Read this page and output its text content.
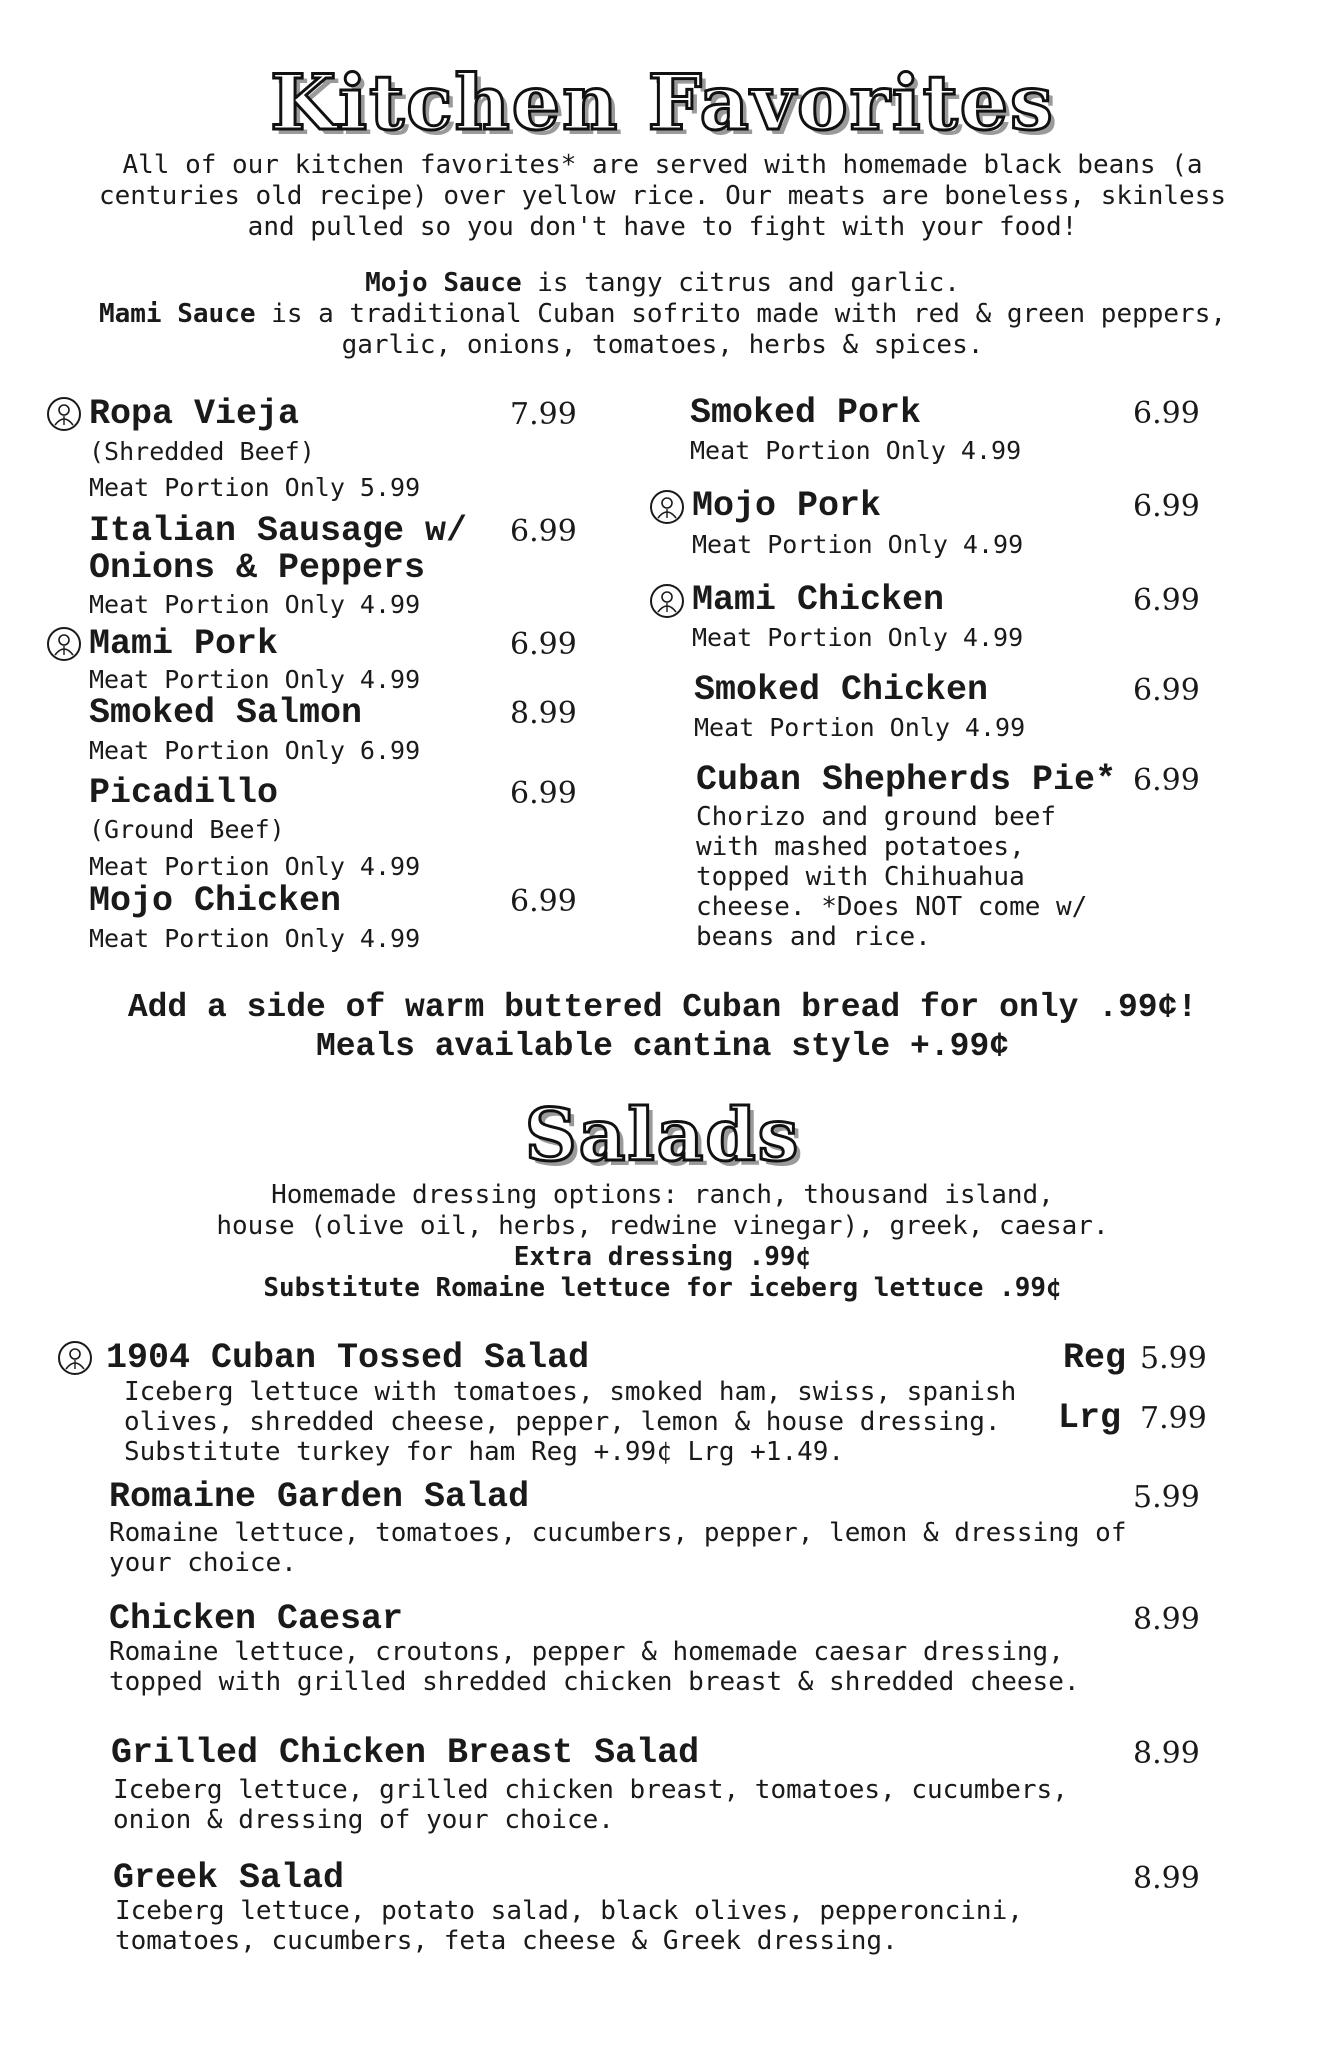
Kitchen Favorites

All of our kitchen favorites* are served with homemade black beans (a

centuries old recipe) over yellow rice. Our meats are boneless, skinless

and pulled so you don't have to fight with your food!

Mojo Sauce is tangy citrus and garlic.

Mami Sauce is a traditional Cuban sofrito made with red & green peppers,

garlic, onions, tomatoes, herbs & spices.

Ropa Vieja	7.99
(Shredded Beef)
Meat Portion Only 5.99
Italian Sausage w/
Onions & Peppers
6.99
Meat Portion Only 4.99
Mami Pork	6.99
Meat Portion Only 4.99
Smoked Salmon	8.99
Meat Portion Only 6.99
Picadillo	6.99
(Ground Beef)
Meat Portion Only 4.99
Mojo Chicken	6.99
Meat Portion Only 4.99
Smoked Pork	6.99
Meat Portion Only 4.99
Mojo Pork	6.99
Meat Portion Only 4.99
Mami Chicken	6.99
Meat Portion Only 4.99
Smoked Chicken	6.99
Meat Portion Only 4.99
Cuban Shepherds Pie* 6.99

Chorizo and ground beef

with mashed potatoes,

topped with Chihuahua

cheese. *Does NOT come w/

beans and rice.

Add a side of warm buttered Cuban bread for only .99¢!

Meals available cantina style +.99¢

Salads

Homemade dressing options: ranch, thousand island,

house (olive oil, herbs, redwine vinegar), greek, caesar.

Extra dressing .99¢

Substitute Romaine lettuce for iceberg lettuce .99¢

1904 Cuban Tossed Salad	Reg 5.99
Lrg 7.99

Iceberg lettuce with tomatoes, smoked ham, swiss, spanish

olives, shredded cheese, pepper, lemon & house dressing.

Substitute turkey for ham Reg +.99¢ Lrg +1.49.

Romaine Garden Salad	5.99

Romaine lettuce, tomatoes, cucumbers, pepper, lemon & dressing of

your choice.

Chicken Caesar	8.99

Romaine lettuce, croutons, pepper & homemade caesar dressing,

topped with grilled shredded chicken breast & shredded cheese.

Grilled Chicken Breast Salad	8.99

Iceberg lettuce, grilled chicken breast, tomatoes, cucumbers,

onion & dressing of your choice.

Greek Salad	8.99

Iceberg lettuce, potato salad, black olives, pepperoncini,

tomatoes, cucumbers, feta cheese & Greek dressing.
